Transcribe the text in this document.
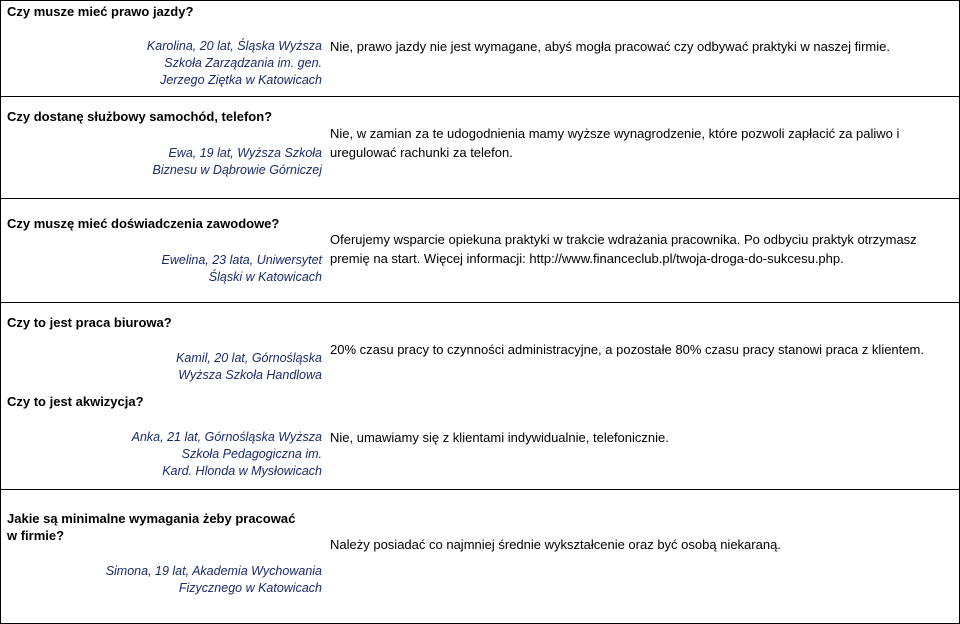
Czy musze mieć prawo jazdy?
Karolina, 20 lat, Śląska Wyższa
Szkoła Zarządzania im. gen.
Jerzego Ziętka w Katowicach
Nie, prawo jazdy nie jest wymagane, abyś mogła pracować czy odbywać praktyki w naszej firmie.
Czy dostanę służbowy samochód, telefon?
Ewa, 19 lat, Wyższa Szkoła
Biznesu w Dąbrowie Górniczej
Nie, w zamian za te udogodnienia mamy wyższe wynagrodzenie, które pozwoli zapłacić za paliwo i uregulować rachunki za telefon.
Czy muszę mieć doświadczenia zawodowe?
Ewelina, 23 lata, Uniwersytet
Śląski w Katowicach
Oferujemy wsparcie opiekuna praktyki w trakcie wdrażania pracownika. Po odbyciu praktyk otrzymasz premię na start. Więcej informacji: http://www.financeclub.pl/twoja-droga-do-sukcesu.php.
Czy to jest praca biurowa?
Kamil, 20 lat, Górnośląska
Wyższa Szkoła Handlowa
20% czasu pracy to czynności administracyjne, a pozostałe 80% czasu pracy stanowi praca z klientem.
Czy to jest akwizycja?
Anka, 21 lat, Górnośląska Wyższa
Szkoła Pedagogiczna im.
Kard. Hlonda w Mysłowicach
Nie, umawiamy się z klientami indywidualnie, telefonicznie.
Jakie są minimalne wymagania żeby pracować w firmie?
Simona, 19 lat, Akademia Wychowania
Fizycznego w Katowicach
Należy posiadać co najmniej średnie wykształcenie oraz być osobą niekaraną.
